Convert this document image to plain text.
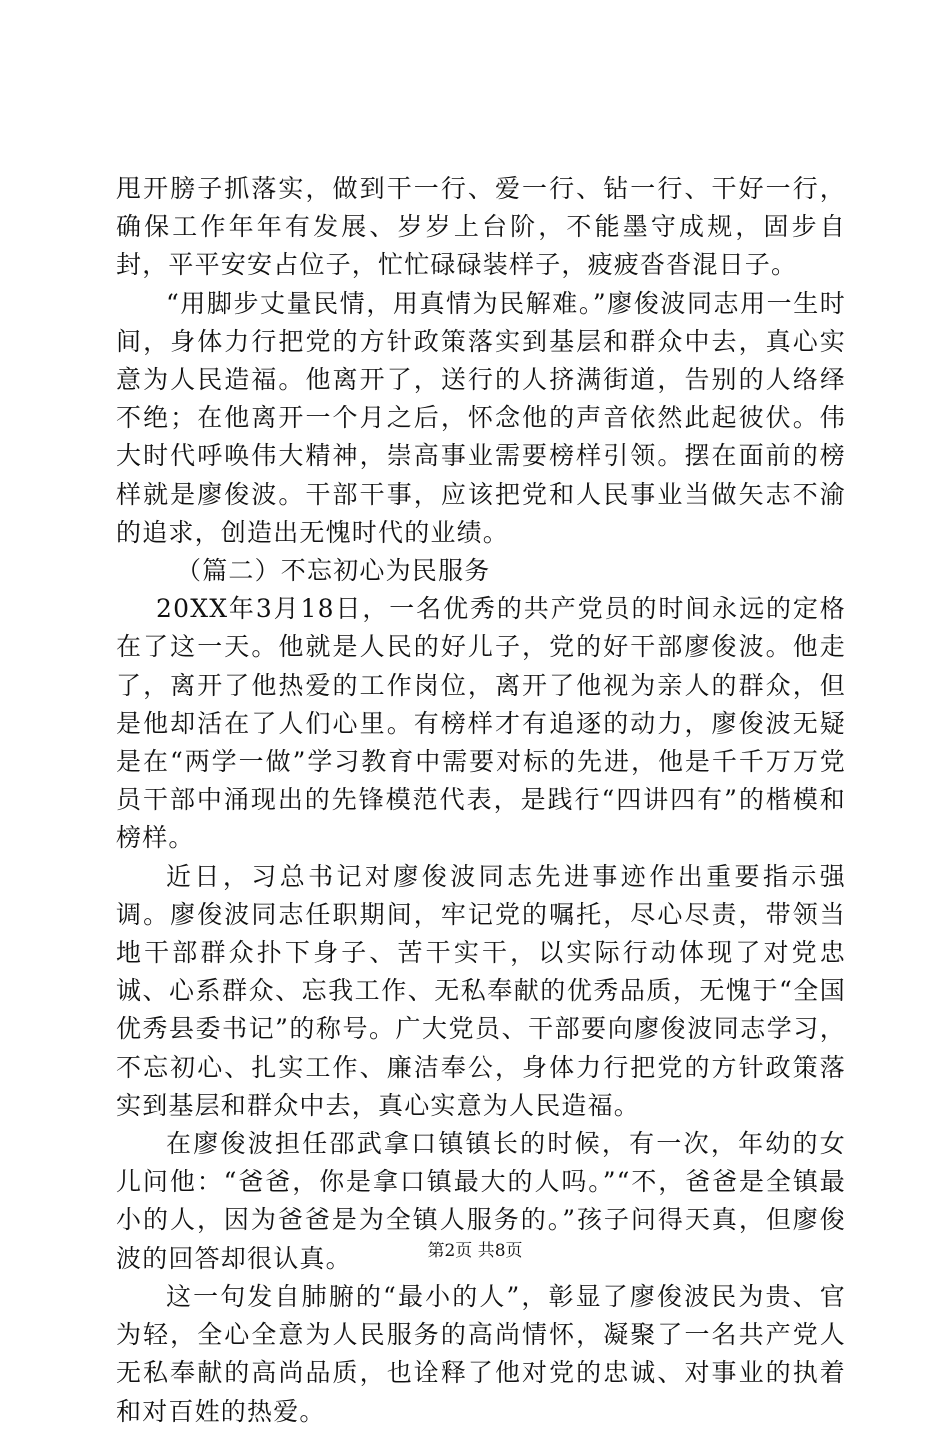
甩开膀子抓落实，做到干一行、爱一行、钻一行、干好一行，确保工作年年有发展、岁岁上台阶，不能墨守成规，固步自封，平平安安占位子，忙忙碌碌装样子，疲疲沓沓混日子。

“用脚步丈量民情，用真情为民解难。”廖俊波同志用一生时间，身体力行把党的方针政策落实到基层和群众中去，真心实意为人民造福。他离开了，送行的人挤满街道，告别的人络绎不绝；在他离开一个月之后，怀念他的声音依然此起彼伏。伟大时代呼唤伟大精神，崇高事业需要榜样引领。摆在面前的榜样就是廖俊波。干部干事，应该把党和人民事业当做矢志不渝的追求，创造出无愧时代的业绩。

（篇二）不忘初心为民服务

20XX年3月18日，一名优秀的共产党员的时间永远的定格在了这一天。他就是人民的好儿子，党的好干部廖俊波。他走了，离开了他热爱的工作岗位，离开了他视为亲人的群众，但是他却活在了人们心里。有榜样才有追逐的动力，廖俊波无疑是在“两学一做”学习教育中需要对标的先进，他是千千万万党员干部中涌现出的先锋模范代表，是践行“四讲四有”的楷模和榜样。

近日，习总书记对廖俊波同志先进事迹作出重要指示强调。廖俊波同志任职期间，牢记党的嘱托，尽心尽责，带领当地干部群众扑下身子、苦干实干，以实际行动体现了对党忠诚、心系群众、忘我工作、无私奉献的优秀品质，无愧于“全国优秀县委书记”的称号。广大党员、干部要向廖俊波同志学习，不忘初心、扎实工作、廉洁奉公，身体力行把党的方针政策落实到基层和群众中去，真心实意为人民造福。

在廖俊波担任邵武拿口镇镇长的时候，有一次，年幼的女儿问他：“爸爸，你是拿口镇最大的人吗。”“不，爸爸是全镇最小的人，因为爸爸是为全镇人服务的。”孩子问得天真，但廖俊波的回答却很认真。

这一句发自肺腑的“最小的人”，彰显了廖俊波民为贵、官为轻，全心全意为人民服务的高尚情怀，凝聚了一名共产党人无私奉献的高尚品质，也诠释了他对党的忠诚、对事业的执着和对百姓的热爱。

第2页 共8页
